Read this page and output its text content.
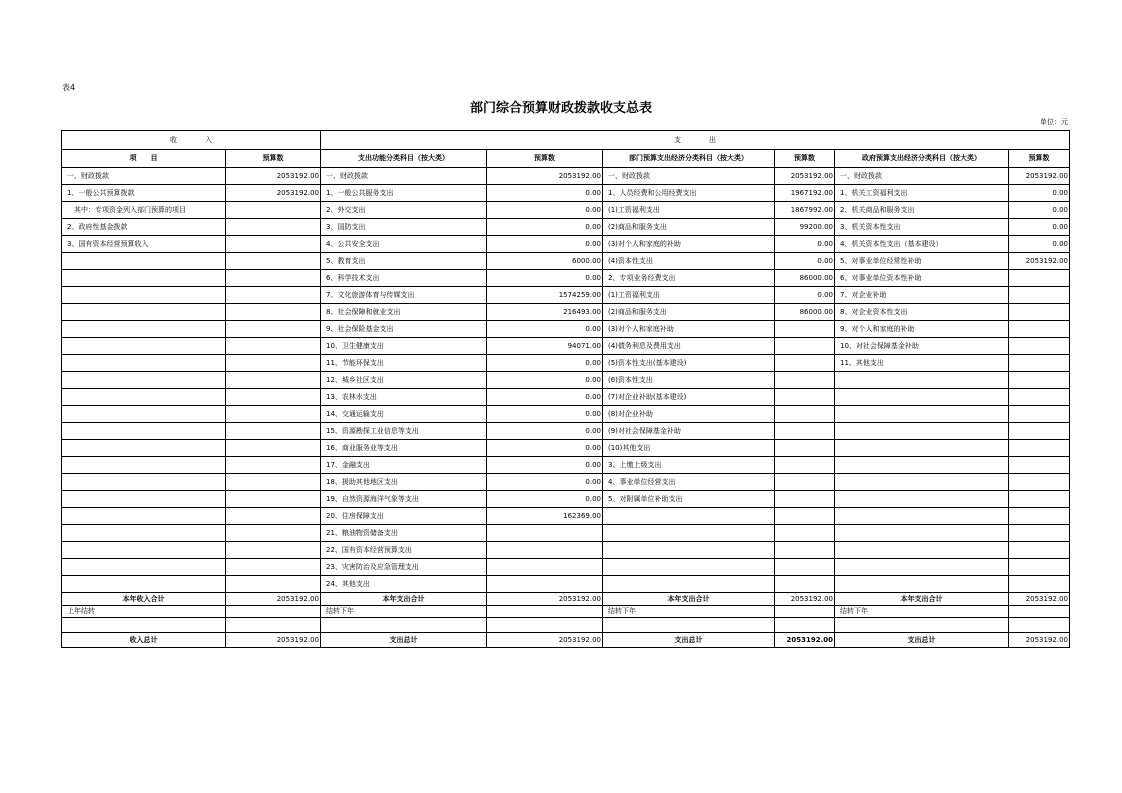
表4
部门综合预算财政拨款收支总表
单位：元
收　　　　入		支　　　　出					
项　　目	预算数	支出功能分类科目（按大类）	预算数	部门预算支出经济分类科目（按大类）	预算数	政府预算支出经济分类科目（按大类）	预算数
一、财政拨款	2053192.00	一、财政拨款	2053192.00	一、财政拨款	2053192.00	一、财政拨款	2053192.00
1、一般公共预算拨款	2053192.00	1、一般公共服务支出	0.00	1、人员经费和公用经费支出	1967192.00	1、机关工资福利支出	0.00
其中：专项资金列入部门预算的项目		2、外交支出	0.00	(1)工资福利支出	1867992.00	2、机关商品和服务支出	0.00
2、政府性基金拨款		3、国防支出	0.00	(2)商品和服务支出	99200.00	3、机关资本性支出	0.00
3、国有资本经营预算收入		4、公共安全支出	0.00	(3)对个人和家庭的补助	0.00	4、机关资本性支出（基本建设）	0.00
		5、教育支出	6000.00	(4)资本性支出	0.00	5、对事业单位经常性补助	2053192.00
		6、科学技术支出	0.00	2、专项业务经费支出	86000.00	6、对事业单位资本性补助	
		7、文化旅游体育与传媒支出	1574259.00	(1)工资福利支出	0.00	7、对企业补助	
		8、社会保障和就业支出	216493.00	(2)商品和服务支出	86000.00	8、对企业资本性支出	
		9、社会保险基金支出	0.00	(3)对个人和家庭补助		9、对个人和家庭的补助	
		10、卫生健康支出	94071.00	(4)债务利息及费用支出		10、对社会保障基金补助	
		11、节能环保支出	0.00	(5)资本性支出(基本建设)		11、其他支出	
		12、城乡社区支出	0.00	(6)资本性支出			
		13、农林水支出	0.00	(7)对企业补助(基本建设)			
		14、交通运输支出	0.00	(8)对企业补助			
		15、资源勘探工业信息等支出	0.00	(9)对社会保障基金补助			
		16、商业服务业等支出	0.00	(10)其他支出			
		17、金融支出	0.00	3、上缴上级支出			
		18、援助其他地区支出	0.00	4、事业单位经营支出			
		19、自然资源海洋气象等支出	0.00	5、对附属单位补助支出			
		20、住房保障支出	162369.00				
		21、粮油物资储备支出					
		22、国有资本经营预算支出					
		23、灾害防治及应急管理支出					
		24、其他支出					
本年收入合计	2053192.00	本年支出合计	2053192.00	本年支出合计	2053192.00	本年支出合计	2053192.00
上年结转		结转下年		结转下年		结转下年	

收入总计	2053192.00	支出总计	2053192.00	支出总计	2053192.00	支出总计	2053192.00
